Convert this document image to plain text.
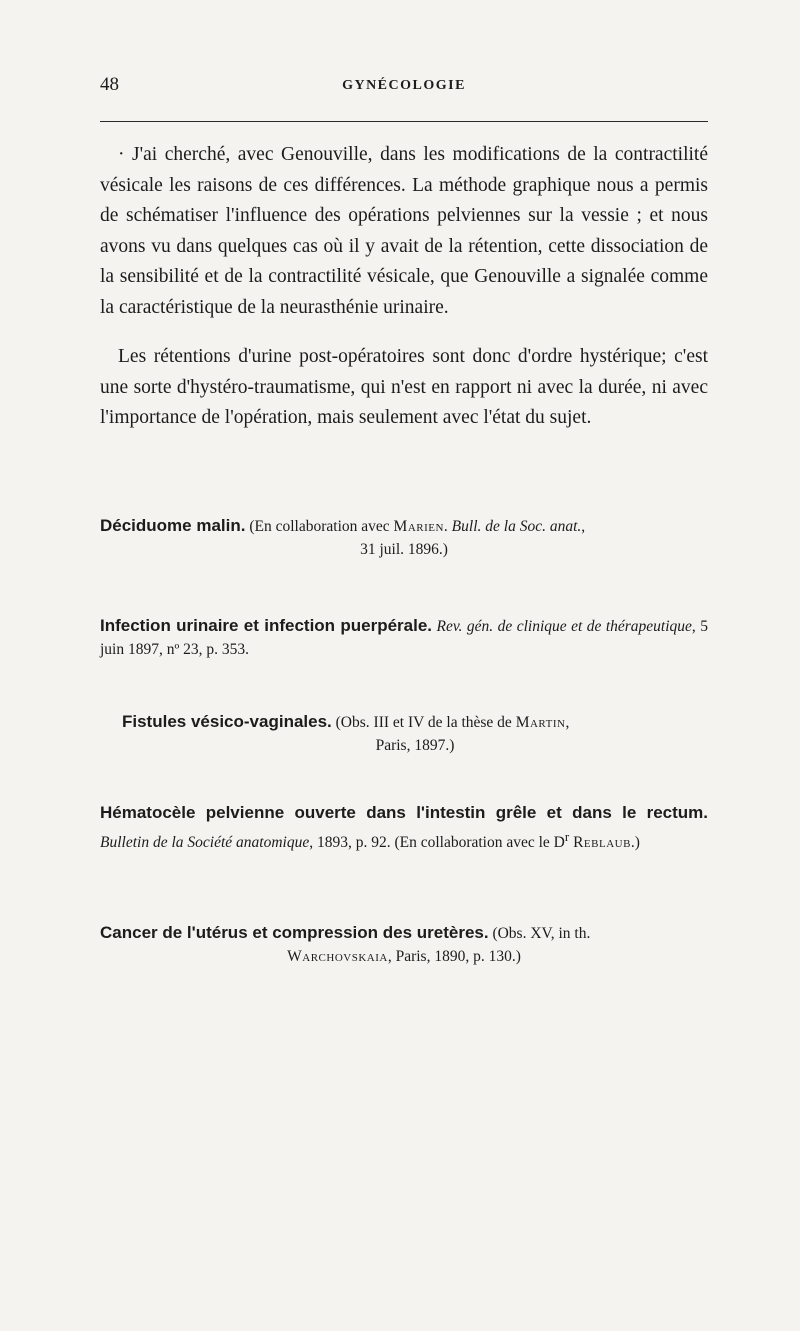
48	GYNÉCOLOGIE

· J'ai cherché, avec Genouville, dans les modifications de la contractilité vésicale les raisons de ces différences. La méthode graphique nous a permis de schématiser l'influence des opérations pelviennes sur la vessie ; et nous avons vu dans quelques cas où il y avait de la rétention, cette dissociation de la sensibilité et de la contractilité vésicale, que Genouville a signalée comme la caractéristique de la neurasthénie urinaire.

Les rétentions d'urine post-opératoires sont donc d'ordre hystérique; c'est une sorte d'hystéro-traumatisme, qui n'est en rapport ni avec la durée, ni avec l'importance de l'opération, mais seulement avec l'état du sujet.

Déciduome malin. (En collaboration avec Marien. Bull. de la Soc. anat.,
31 juil. 1896.)
Infection urinaire et infection puerpérale. Rev. gén. de clinique et de thérapeutique, 5 juin 1897, nº 23, p. 353.
Fistules vésico-vaginales. (Obs. III et IV de la thèse de Martin,
Paris, 1897.)
Hématocèle pelvienne ouverte dans l'intestin grêle et dans le rectum. Bulletin de la Société anatomique, 1893, p. 92. (En collaboration avec le $D^r$ Reblaub.)
Cancer de l'utérus et compression des uretères. (Obs. XV, in th.
Warchovskaia, Paris, 1890, p. 130.)
